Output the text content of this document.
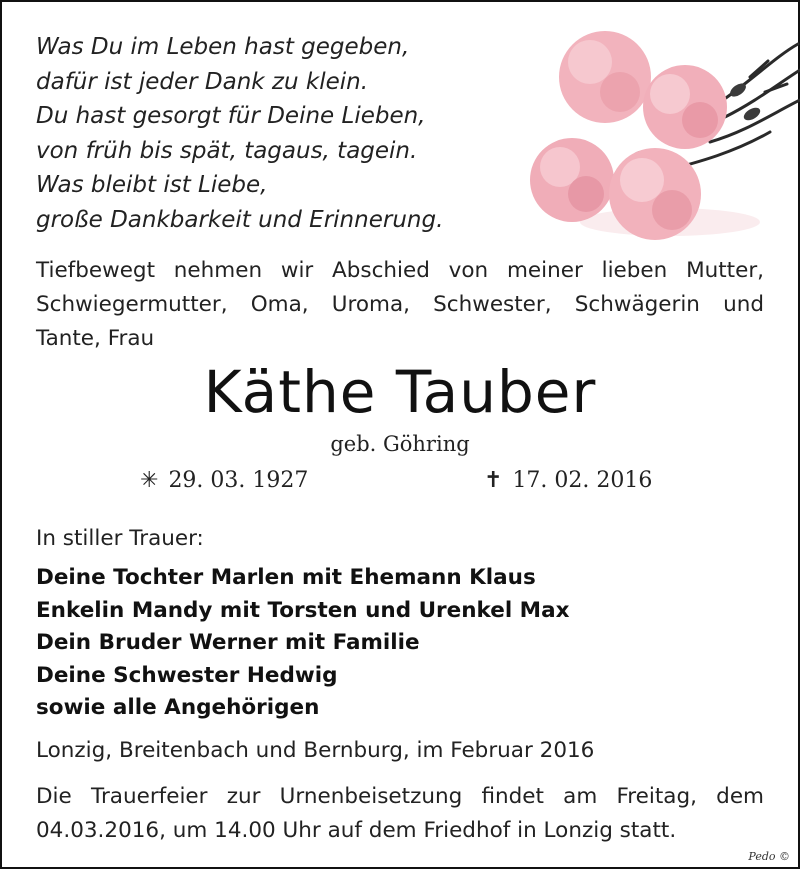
Was Du im Leben hast gegeben,
dafür ist jeder Dank zu klein.
Du hast gesorgt für Deine Lieben,
von früh bis spät, tagaus, tagein.
Was bleibt ist Liebe,
große Dankbarkeit und Erinnerung.
Tiefbewegt nehmen wir Abschied von meiner lieben Mutter,
Schwiegermutter, Oma, Uroma, Schwester, Schwägerin und
Tante, Frau
Käthe Tauber
geb. Göhring
✳ 29. 03. 1927	✝ 17. 02. 2016
In stiller Trauer:
Deine Tochter Marlen mit Ehemann Klaus
Enkelin Mandy mit Torsten und Urenkel Max
Dein Bruder Werner mit Familie
Deine Schwester Hedwig
sowie alle Angehörigen
Lonzig, Breitenbach und Bernburg, im Februar 2016
Die Trauerfeier zur Urnenbeisetzung findet am Freitag, dem
04.03.2016, um 14.00 Uhr auf dem Friedhof in Lonzig statt.
Pedo ©
